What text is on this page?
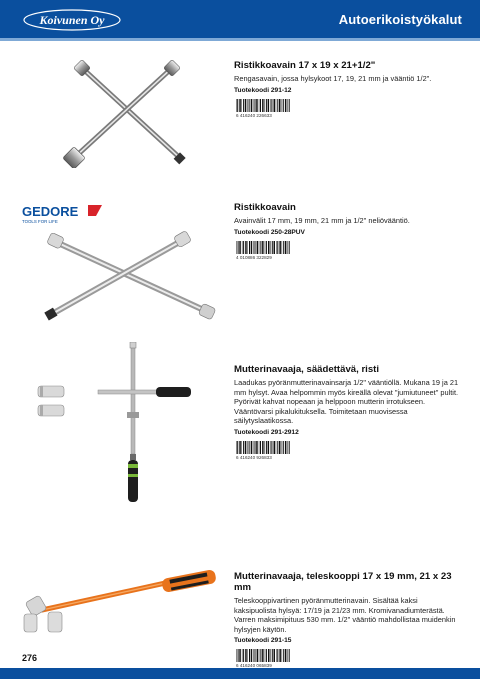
Koivunen Oy	Autoerikoistyökalut
Ristikkoavain 17 x 19 x 21+1/2"
Rengasavain, jossa hylsykoot 17, 19, 21 mm ja vääntiö 1/2".
Tuotekoodi 291-12
6 416240 226633
GEDORE
TOOLS FOR LIFE
Ristikkoavain
Avainvälit 17 mm, 19 mm, 21 mm ja 1/2" neliövääntiö.
Tuotekoodi 250-28PUV
4 010886 322829
Mutterinavaaja, säädettävä, risti
Laadukas pyöränmutterinavainsarja 1/2" vääntiöllä. Mukana 19 ja 21 mm hylsyt. Avaa helpommin myös kireällä olevat "jumiutuneet" pultit. Pyörivät kahvat nopeaan ja helppoon mutterin irrotukseen. Vääntövarsi pikalukituksella. Toimitetaan muovisessa säilytyslaatikossa.
Tuotekoodi 291-2912
6 416240 926833
Mutterinavaaja, teleskooppi 17 x 19 mm, 21 x 23 mm
Teleskooppivartinen pyöränmutterinavain. Sisältää kaksi kaksipuolista hylsyä: 17/19 ja 21/23 mm. Kromivanadiumterästä. Varren maksimipituus 530 mm. 1/2" vääntiö mahdollistaa muidenkin hylsyjen käytön.
Tuotekoodi 291-15
6 416240 065839
276
